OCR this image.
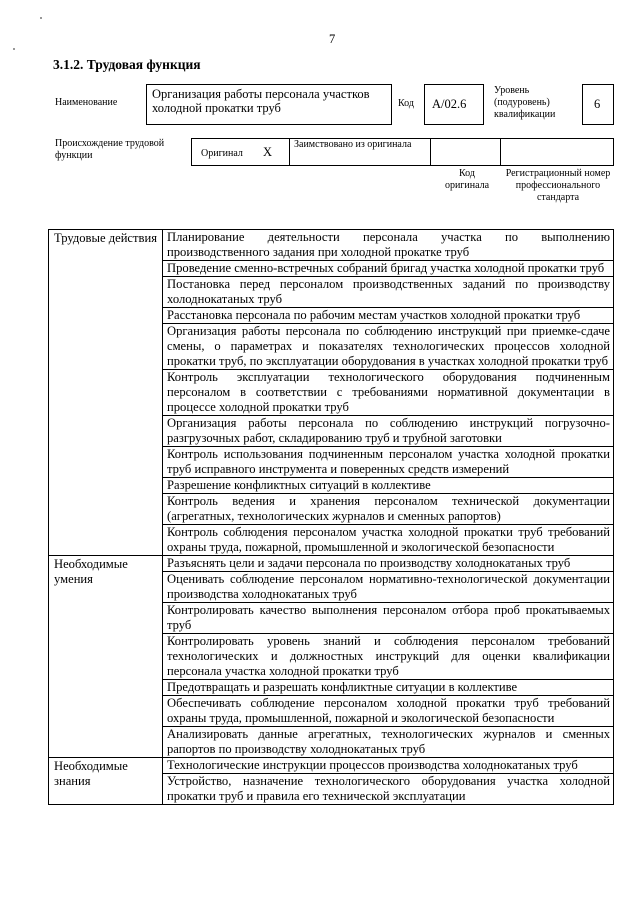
7
3.1.2. Трудовая функция
Наименование
Организация работы персонала участков холодной прокатки труб	Код А/02.6
Уровень (подуровень) квалификации
6
Происхождение трудовой функции	Оригинал X
Заимствовано из оригинала
Код оригинала
Регистрационный номер профессионального стандарта
Трудовые действия	Планирование деятельности персонала участка по выполнению производственного задания при холодной прокатке труб
	Проведение сменно-встречных собраний бригад участка холодной прокатки труб
	Постановка перед персоналом производственных заданий по производству холоднокатаных труб
	Расстановка персонала по рабочим местам участков холодной прокатки труб
	Организация работы персонала по соблюдению инструкций при приемке-сдаче смены, о параметрах и показателях технологических процессов холодной прокатки труб, по эксплуатации оборудования в участках холодной прокатки труб
	Контроль эксплуатации технологического оборудования подчиненным персоналом в соответствии с требованиями нормативной документации в процессе холодной прокатки труб
	Организация работы персонала по соблюдению инструкций погрузочно-разгрузочных работ, складированию труб и трубной заготовки
	Контроль использования подчиненным персоналом участка холодной прокатки труб исправного инструмента и поверенных средств измерений
	Разрешение конфликтных ситуаций в коллективе
	Контроль ведения и хранения персоналом технической документации (агрегатных, технологических журналов и сменных рапортов)
	Контроль соблюдения персоналом участка холодной прокатки труб требований охраны труда, пожарной, промышленной и экологической безопасности
Необходимые умения	Разъяснять цели и задачи персонала по производству холоднокатаных труб
	Оценивать соблюдение персоналом нормативно-технологической документации производства холоднокатаных труб
	Контролировать качество выполнения персоналом отбора проб прокатываемых труб
	Контролировать уровень знаний и соблюдения персоналом требований технологических и должностных инструкций для оценки квалификации персонала участка холодной прокатки труб
	Предотвращать и разрешать конфликтные ситуации в коллективе
	Обеспечивать соблюдение персоналом холодной прокатки труб требований охраны труда, промышленной, пожарной и экологической безопасности
	Анализировать данные агрегатных, технологических журналов и сменных рапортов по производству холоднокатаных труб
Необходимые знания	Технологические инструкции процессов производства холоднокатаных труб
	Устройство, назначение технологического оборудования участка холодной прокатки труб и правила его технической эксплуатации
